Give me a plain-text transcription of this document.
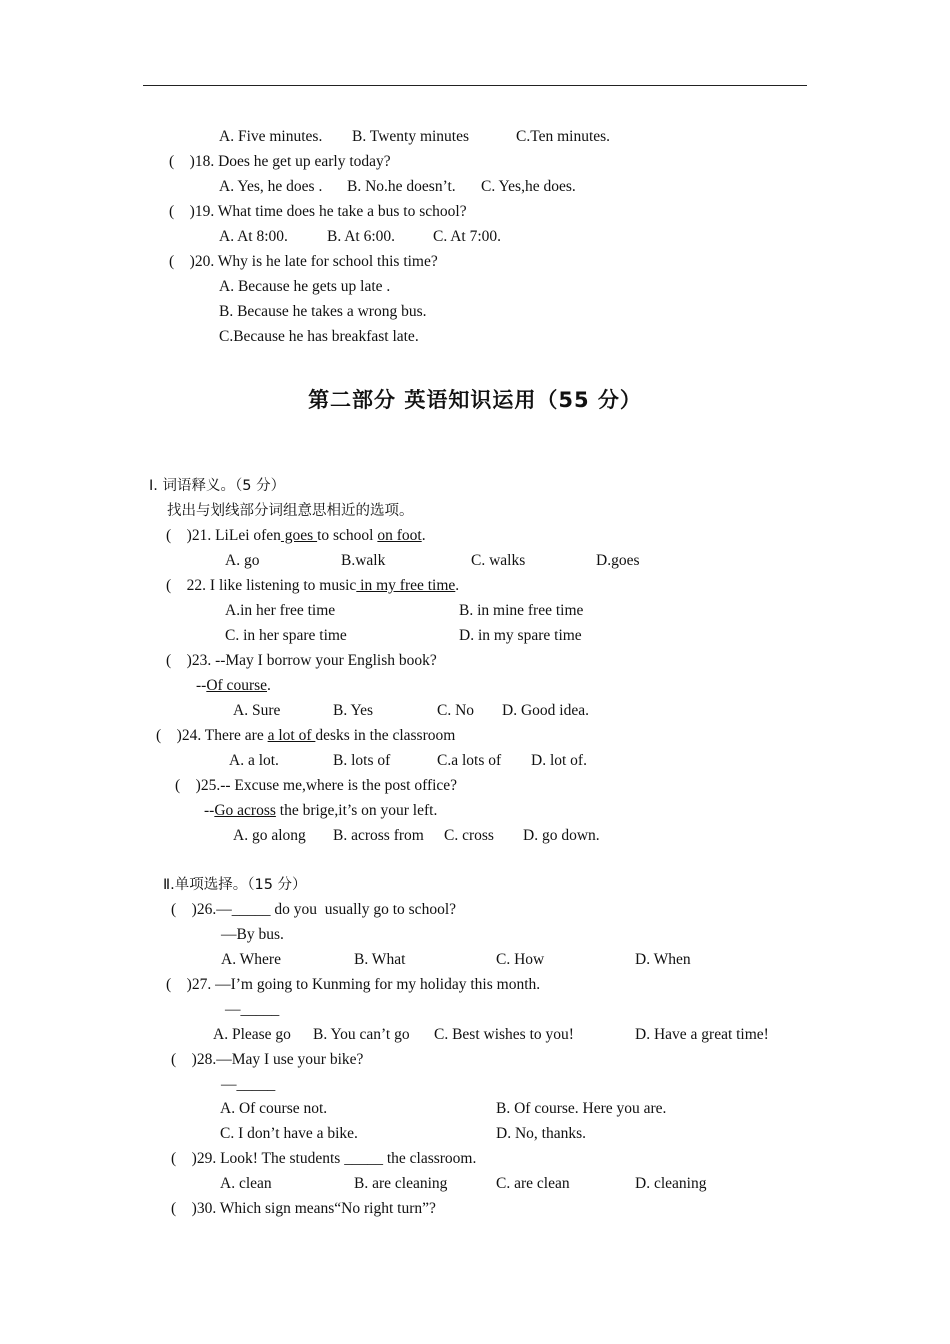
A. Five minutes. B. Twenty minutes	C.Ten minutes.
(    )18. Does he get up early today?
A. Yes, he does . B. No.he doesn’t. C. Yes,he does.
(    )19. What time does he take a bus to school?
A. At 8:00.	B. At 6:00. C. At 7:00.
(    )20. Why is he late for school this time?
A. Because he gets up late .
B. Because he takes a wrong bus.
C.Because he has breakfast late.
第二部分 英语知识运用（55 分）
Ⅰ. 词语释义。（5 分）
找出与划线部分词组意思相近的选项。
(    )21. LiLei ofen goes to school on foot.
A. go	B.walk	C. walks	D.goes
(    22. I like listening to music in my free time.
A.in her free time	B. in mine free time
C. in her spare time	D. in my spare time
(    )23. --May I borrow your English book?
--Of course.
A. Sure	B. Yes	C. No D. Good idea.
(    )24. There are a lot of desks in the classroom
A. a lot.	B. lots of	C.a lots of D. lot of.
(    )25.-- Excuse me,where is the post office?
--Go across the brige,it’s on your left.
A. go along B. across from C. cross D. go down.
Ⅱ.单项选择。（15 分）
(    )26.—_____ do you  usually go to school?
—By bus.
A. Where	B. What	C. How	D. When
(    )27. —I’m going to Kunming for my holiday this month.
—_____
A. Please go B. You can’t go C. Best wishes to you!	D. Have a great time!
(    )28.—May I use your bike?
—_____
A. Of course not.	B. Of course. Here you are.
C. I don’t have a bike.	D. No, thanks.
(    )29. Look! The students _____ the classroom.
A. clean	B. are cleaning	C. are clean	D. cleaning
(    )30. Which sign means“No right turn”?
